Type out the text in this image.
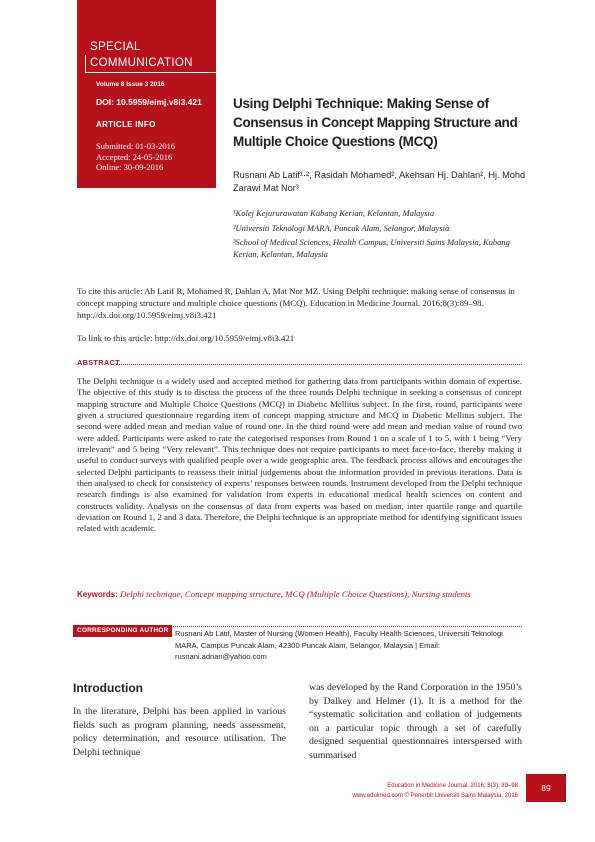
SPECIAL
COMMUNICATION
Volume 8 Issue 3 2016
DOI: 10.5959/eimj.v8i3.421
ARTICLE INFO
Submitted: 01-03-2016
Accepted: 24-05-2016
Online: 30-09-2016
Using Delphi Technique: Making Sense of Consensus in Concept Mapping Structure and Multiple Choice Questions (MCQ)
Rusnani Ab Latif¹·², Rasidah Mohamed², Akehsan Hj. Dahlan², Hj. Mohd Zarawi Mat Nor³
¹Kolej Kejururawatan Kubang Kerian, Kelantan, Malaysia
²Universiti Teknologi MARA, Puncak Alam, Selangor, Malaysia
³School of Medical Sciences, Health Campus, Universiti Sains Malaysia, Kubang Kerian, Kelantan, Malaysia
To cite this article: Ab Latif R, Mohamed R, Dahlan A, Mat Nor MZ. Using Delphi technique: making sense of consensus in concept mapping structure and multiple choice questions (MCQ). Education in Medicine Journal. 2016;8(3):89–98. http://dx.doi.org/10.5959/eimj.v8i3.421
To link to this article: http://dx.doi.org/10.5959/eimj.v8i3.421
ABSTRACT
The Delphi technique is a widely used and accepted method for gathering data from participants within domain of expertise. The objective of this study is to discuss the process of the three rounds Delphi technique in seeking a consensus of concept mapping structure and Multiple Choice Questions (MCQ) in Diabetic Mellitus subject. In the first, round, participants were given a structured questionnaire regarding item of concept mapping structure and MCQ in Diabetic Mellitus subject. The second were added mean and median value of round one. In the third round were add mean and median value of round two were added. Participants were asked to rate the categorised responses from Round 1 on a scale of 1 to 5, with 1 being “Very irrelevant” and 5 being “Very relevant”. This technique does not require participants to meet face-to-face, thereby making it useful to conduct surveys with qualified people over a wide geographic area. The feedback process allows and encourages the selected Delphi participants to reassess their initial judgements about the information provided in previous iterations. Data is then analysed to check for consistency of experts’ responses between rounds. Instrument developed from the Delphi technique research findings is also examined for validation from experts in educational medical health sciences on content and constructs validity. Analysis on the consensus of data from experts was based on median, inter quartile range and quartile deviation on Round 1, 2 and 3 data. Therefore, the Delphi technique is an appropriate method for identifying significant issues related with academic.
Keywords: Delphi technique, Concept mapping structure, MCQ (Multiple Choice Questions), Nursing students
CORRESPONDING AUTHOR Rusnani Ab Latif, Master of Nursing (Women Health), Faculty Health Sciences, Universiti Teknologi MARA, Campus Puncak Alam, 42300 Puncak Alam, Selangor, Malaysia | Email: rusnani.adnan@yahoo.com
Introduction
In the literature, Delphi has been applied in various fields such as program planning, needs assessment, policy determination, and resource utilisation. The Delphi technique
was developed by the Rand Corporation in the 1950’s by Dalkey and Helmer (1). It is a method for the “systematic solicitation and collation of judgements on a particular topic through a set of carefully designed sequential questionnaires interspersed with summarised
Education in Medicine Journal. 2016; 8(3): 89–98
www.eduimed.com © Penerbit Universiti Sains Malaysia. 2016
89
